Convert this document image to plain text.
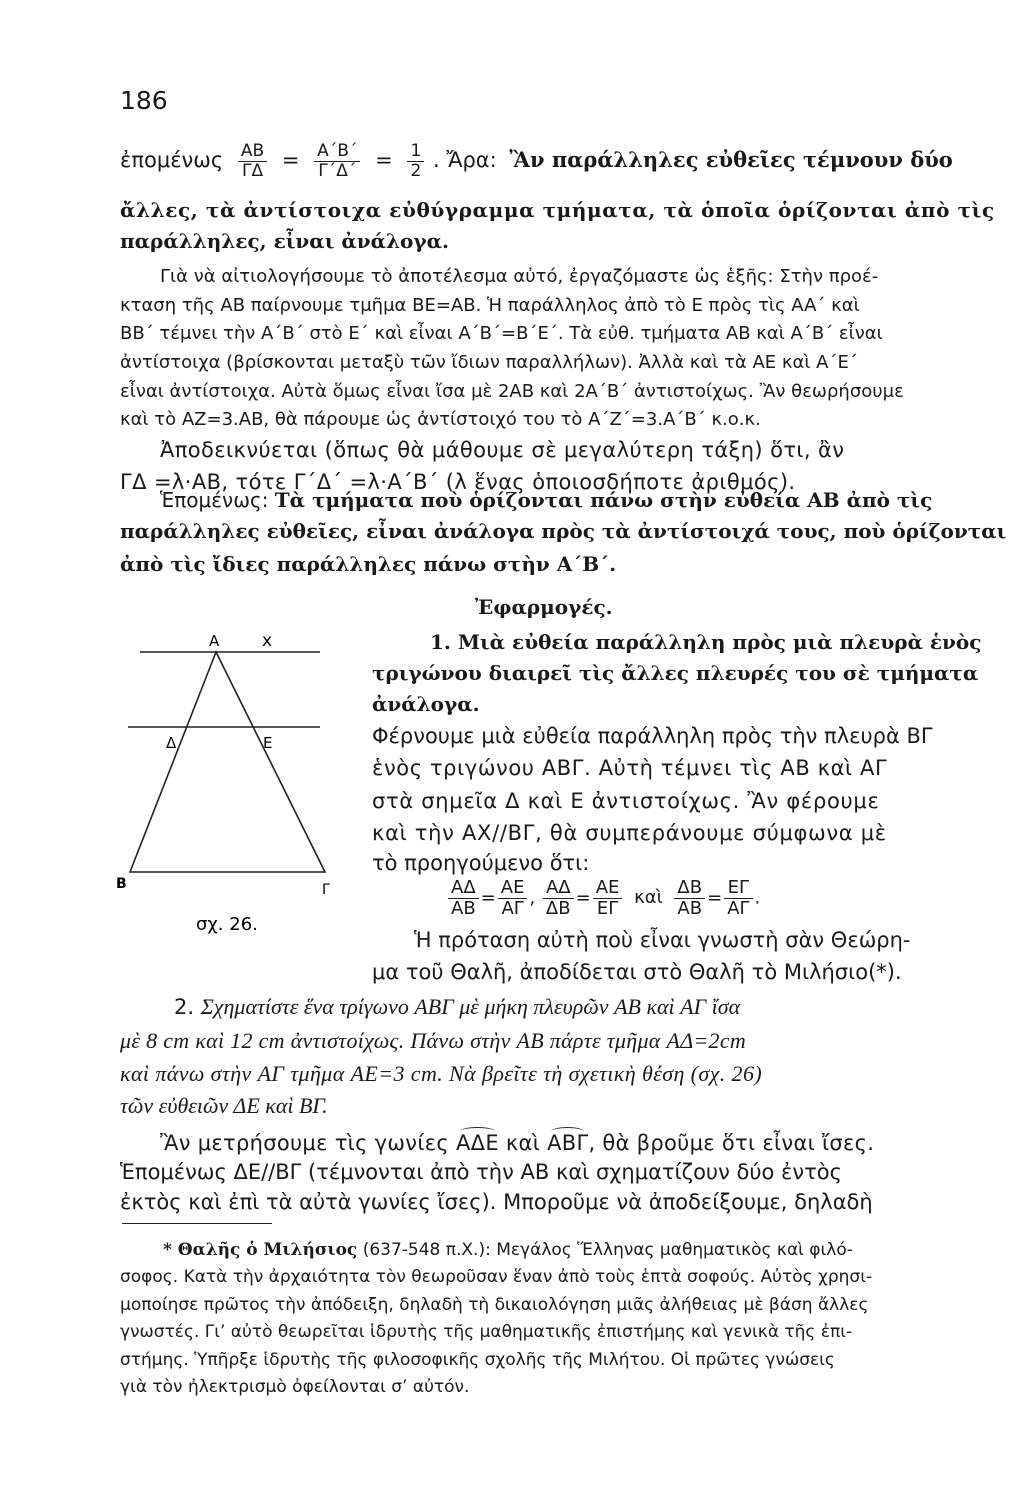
186
ἐπομένως $\frac{AB}{\Gamma\Delta} = \frac{A΄B΄}{\Gamma΄\Delta΄} = \frac{1}{2}$ . Ἄρα: Ἂν παράλληλες εὐθεῖες τέμνουν δύο
ἄλλες, τὰ ἀντίστοιχα εὐθύγραμμα τμήματα, τὰ ὁποῖα ὁρίζονται ἀπὸ τὶς
παράλληλες, εἶναι ἀνάλογα.
Γιὰ νὰ αἰτιολογήσουμε τὸ ἀποτέλεσμα αὐτό, ἐργαζόμαστε ὡς ἑξῆς: Στὴν προέ-
κταση τῆς AB παίρνουμε τμῆμα BE=AB. Ἡ παράλληλος ἀπὸ τὸ E πρὸς τὶς AA΄ καὶ
BB΄ τέμνει τὴν A΄B΄ στὸ Ε΄ καὶ εἶναι A΄B΄=B΄E΄. Τὰ εὐθ. τμήματα AB καὶ A΄B΄ εἶναι
ἀντίστοιχα (βρίσκονται μεταξὺ τῶν ἴδιων παραλλήλων). Ἀλλὰ καὶ τὰ AE καὶ A΄E΄
εἶναι ἀντίστοιχα. Αὐτὰ ὅμως εἶναι ἴσα μὲ 2AB καὶ 2A΄B΄ ἀντιστοίχως. Ἂν θεωρήσουμε
καὶ τὸ AZ=3.AB, θὰ πάρουμε ὡς ἀντίστοιχό του τὸ A΄Z΄=3.A΄B΄ κ.ο.κ.
Ἀποδεικνύεται (ὅπως θὰ μάθουμε σὲ μεγαλύτερη τάξη) ὅτι, ἂν
ΓΔ =λ·AB, τότε Γ΄Δ΄ =λ·A΄B΄ (λ ἕνας ὁποιοσδήποτε ἀριθμός).
Ἑπομένως: Τὰ τμήματα ποὺ ὁρίζονται πάνω στὴν εὐθεία AB ἀπὸ τὶς
παράλληλες εὐθεῖες, εἶναι ἀνάλογα πρὸς τὰ ἀντίστοιχά τους, ποὺ ὁρίζονται
ἀπὸ τὶς ἴδιες παράλληλες πάνω στὴν A΄B΄.
Ἐφαρμογές.
A	x
Δ	E
B	Γ
σχ. 26.
1. Μιὰ εὐθεία παράλληλη πρὸς μιὰ πλευρὰ ἑνὸς
τριγώνου διαιρεῖ τὶς ἄλλες πλευρές του σὲ τμήματα
ἀνάλογα.
Φέρνουμε μιὰ εὐθεία παράλληλη πρὸς τὴν πλευρὰ BΓ
ἑνὸς τριγώνου ABΓ. Αὐτὴ τέμνει τὶς AB καὶ AΓ
στὰ σημεῖα Δ καὶ E ἀντιστοίχως. Ἂν φέρουμε
καὶ τὴν AX//BΓ, θὰ συμπεράνουμε σύμφωνα μὲ
τὸ προηγούμενο ὅτι:
$\frac{A\Delta}{AB} = \frac{AE}{A\Gamma}$ , $\frac{A\Delta}{\Delta B} = \frac{AE}{E\Gamma}$ καὶ $\frac{\Delta B}{AB} = \frac{E\Gamma}{A\Gamma}$ .
Ἡ πρόταση αὐτὴ ποὺ εἶναι γνωστὴ σὰν Θεώρη-
μα τοῦ Θαλῆ, ἀποδίδεται στὸ Θαλῆ τὸ Μιλήσιο(*).
2. Σχηματίστε ἕνα τρίγωνο ABΓ μὲ μήκη πλευρῶν AB καὶ AΓ ἴσα
μὲ 8 cm καὶ 12 cm ἀντιστοίχως. Πάνω στὴν AB πάρτε τμῆμα AΔ=2cm
καὶ πάνω στὴν AΓ τμῆμα AE=3 cm. Νὰ βρεῖτε τὴ σχετικὴ θέση (σχ. 26)
τῶν εὐθειῶν ΔE καὶ BΓ.
Ἂν μετρήσουμε τὶς γωνίες AΔE καὶ ABΓ, θὰ βροῦμε ὅτι εἶναι ἴσες.
Ἑπομένως ΔE//BΓ (τέμνονται ἀπὸ τὴν AB καὶ σχηματίζουν δύο ἐντὸς
ἐκτὸς καὶ ἐπὶ τὰ αὐτὰ γωνίες ἴσες). Μποροῦμε νὰ ἀποδείξουμε, δηλαδὴ
* Θαλῆς ὁ Μιλήσιος (637-548 π.X.): Μεγάλος Ἕλληνας μαθηματικὸς καὶ φιλό-
σοφος. Κατὰ τὴν ἀρχαιότητα τὸν θεωροῦσαν ἕναν ἀπὸ τοὺς ἑπτὰ σοφούς. Αὐτὸς χρησι-
μοποίησε πρῶτος τὴν ἀπόδειξη, δηλαδὴ τὴ δικαιολόγηση μιᾶς ἀλήθειας μὲ βάση ἄλλες
γνωστές. Γι’ αὐτὸ θεωρεῖται ἱδρυτὴς τῆς μαθηματικῆς ἐπιστήμης καὶ γενικὰ τῆς ἐπι-
στήμης. Ὑπῆρξε ἱδρυτὴς τῆς φιλοσοφικῆς σχολῆς τῆς Μιλήτου. Οἱ πρῶτες γνώσεις
γιὰ τὸν ἠλεκτρισμὸ ὀφείλονται σ’ αὐτόν.
